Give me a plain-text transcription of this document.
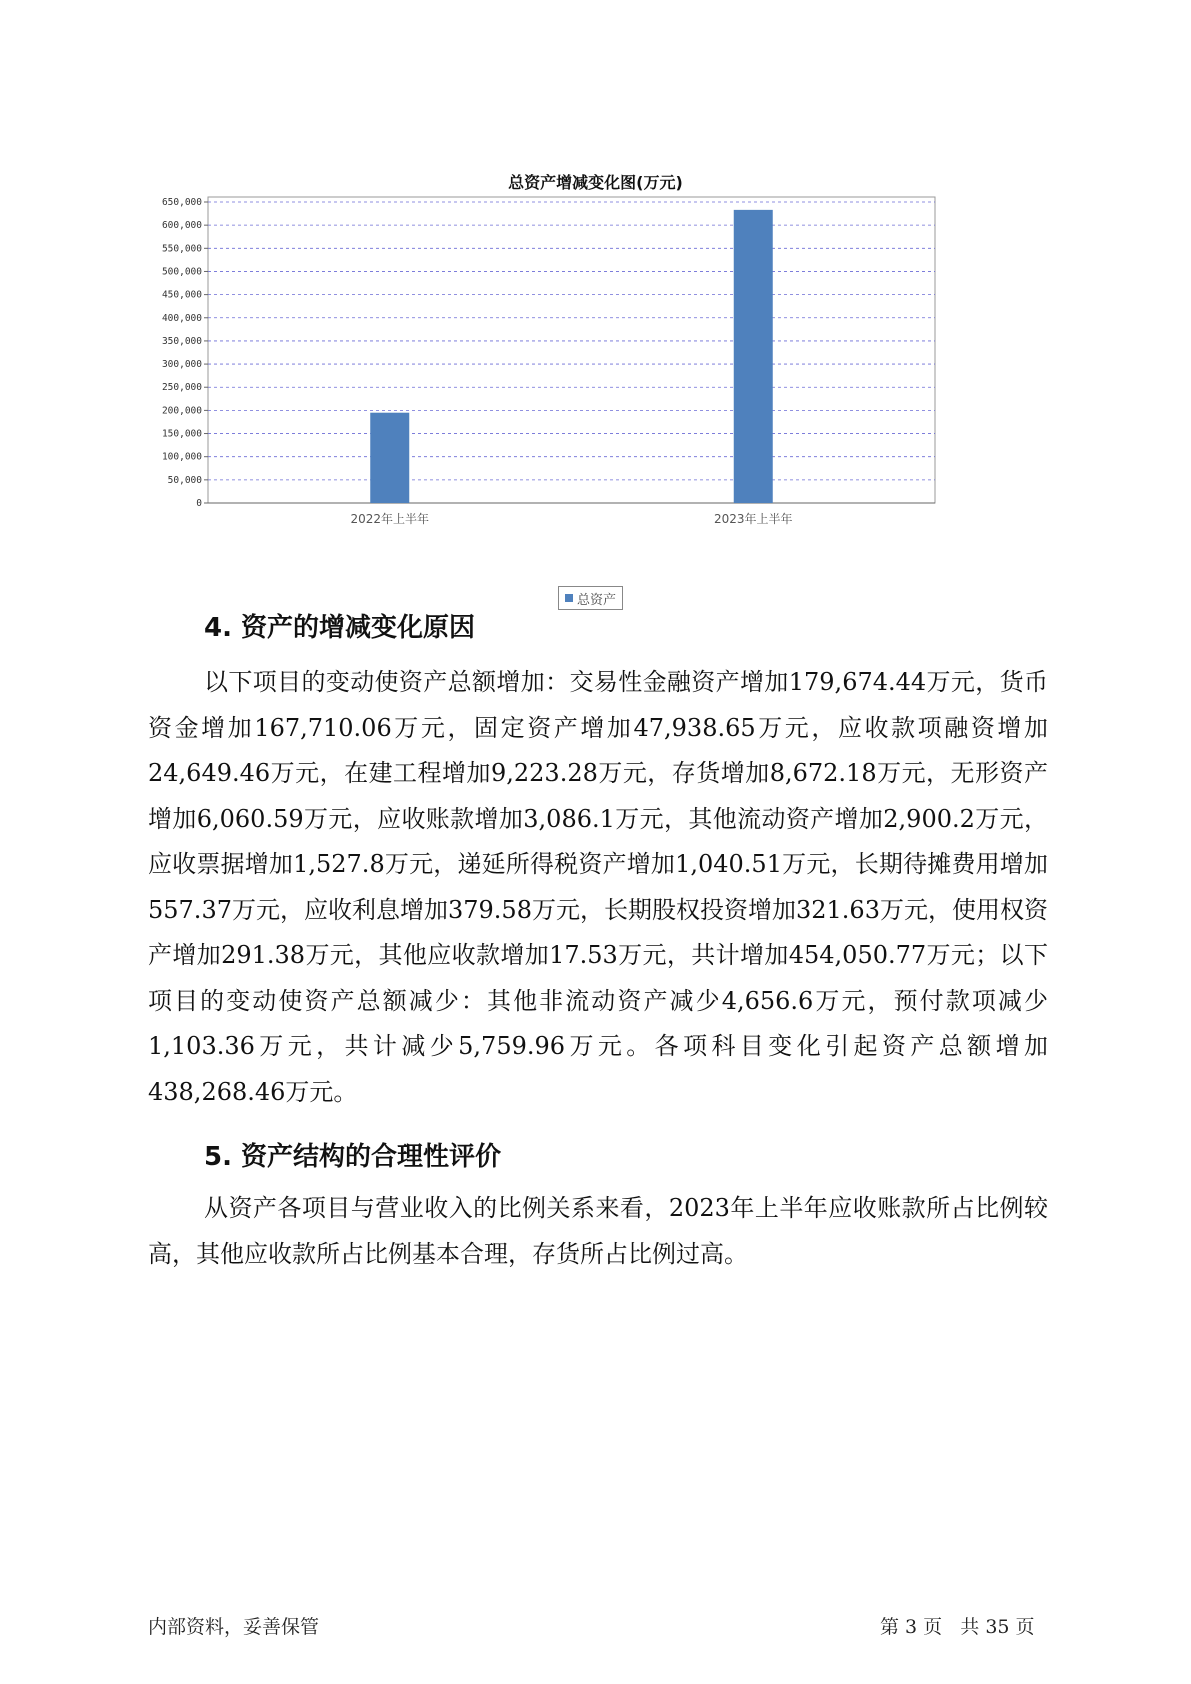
总资产增减变化图(万元)
0
50,000
100,000
150,000
200,000
250,000
300,000
350,000
400,000
450,000
500,000
550,000
600,000
650,000
2022年上半年	2023年上半年
总资产
4. 资产的增减变化原因

以下项目的变动使资产总额增加：交易性金融资产增加179,674.44万元，货币资金增加167,710.06万元，固定资产增加47,938.65万元，应收款项融资增加24,649.46万元，在建工程增加9,223.28万元，存货增加8,672.18万元，无形资产增加6,060.59万元，应收账款增加3,086.1万元，其他流动资产增加2,900.2万元，应收票据增加1,527.8万元，递延所得税资产增加1,040.51万元，长期待摊费用增加557.37万元，应收利息增加379.58万元，长期股权投资增加321.63万元，使用权资产增加291.38万元，其他应收款增加17.53万元，共计增加454,050.77万元；以下项目的变动使资产总额减少：其他非流动资产减少4,656.6万元，预付款项减少1,103.36万元，共计减少5,759.96万元。各项科目变化引起资产总额增加438,268.46万元。

5. 资产结构的合理性评价

从资产各项目与营业收入的比例关系来看，2023年上半年应收账款所占比例较高，其他应收款所占比例基本合理，存货所占比例过高。

内部资料，妥善保管	第 3 页   共 35 页
